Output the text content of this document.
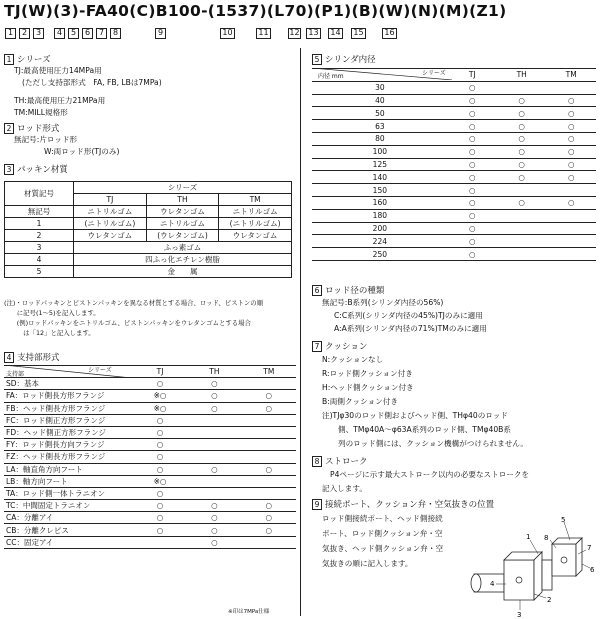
TJ(W)(3)-FA40(C)B100-(1537)(L70)(P1)(B)(W)(N)(M)(Z1)
1	2	3	4	5	6	7	8	9	10	11	12	13	14	15	16
1 シリーズ
TJ:最高使用圧力14MPa用
(ただし支持部形式　FA, FB, LBは7MPa)
TH:最高使用圧力21MPa用
TM:MILL規格形
2 ロッド形式
無記号:片ロッド形
W:両ロッド形(TJのみ)
3 パッキン材質
材質記号	シリーズ		
	TJ	TH	TM
無記号	ニトリルゴム	ウレタンゴム	ニトリルゴム
1	(ニトリルゴム)	ニトリルゴム	(ニトリルゴム)
2	ウレタンゴム	(ウレタンゴム)	ウレタンゴム
3	ふっ素ゴム		
4	四ふっ化エチレン樹脂		
5	金　　属		
(注)・ロッドパッキンとピストンパッキンを異なる材質とする場合、ロッド、ピストンの順
　　に記号(1〜5)を記入します。
　　(例)ロッドパッキンをニトリルゴム、ピストンパッキンをウレタンゴムとする場合
　　　は「12」と記入します。
4 支持部形式
支持部
シリーズ
		TJ	TH	TM
SD：基本	○	○	
FA：ロッド側長方形フランジ	※○	○	○
FB：ヘッド側長方形フランジ	※○	○	○
FC：ロッド側正方形フランジ	○		
FD：ヘッド側正方形フランジ	○		
FY：ロッド側長方向フランジ	○		
FZ：ヘッド側長方形フランジ	○		
LA：軸直角方向フート	○	○	○
LB：軸方向フート	※○		
TA：ロッド側一体トラニオン	○		
TC：中間固定トラニオン	○	○	○
CA：分離アイ	○	○	○
CB：分離クレビス	○	○	○
CC：固定アイ		○	
※印は7MPa仕様
5 シリンダ内径
内径 mm	シリーズ
		TJ	TH	TM
30	○		
40	○	○	○
50	○	○	○
63	○	○	○
80	○	○	○
100	○	○	○
125	○	○	○
140	○	○	○
150	○		
160	○	○	○
180	○		
200	○		
224	○		
250	○		
6 ロッド径の種類
無記号:B系列(シリンダ内径の56%)
C:C系列(シリンダ内径の45%)TJのみに適用
A:A系列(シリンダ内径の71%)TMのみに適用
7 クッション
N:クッションなし
R:ロッド側クッション付き
H:ヘッド側クッション付き
B:両側クッション付き
注)TJφ30のロッド側およびヘッド側、THφ40のロッド
側、TMφ40A〜φ63A系列のロッド側、TMφ40B系
列のロッド側には、クッション機構がつけられません。
8 ストローク
P4ページに示す最大ストローク以内の必要なストロークを
記入します。
9 接続ポート、クッション弁・空気抜きの位置
ロッド側接続ポート、ヘッド側接続
ポート、ロッド側クッション弁・空
気抜き、ヘッド側クッション弁・空
気抜きの順に記入します。
5
8
1
4
2
6
7
3
